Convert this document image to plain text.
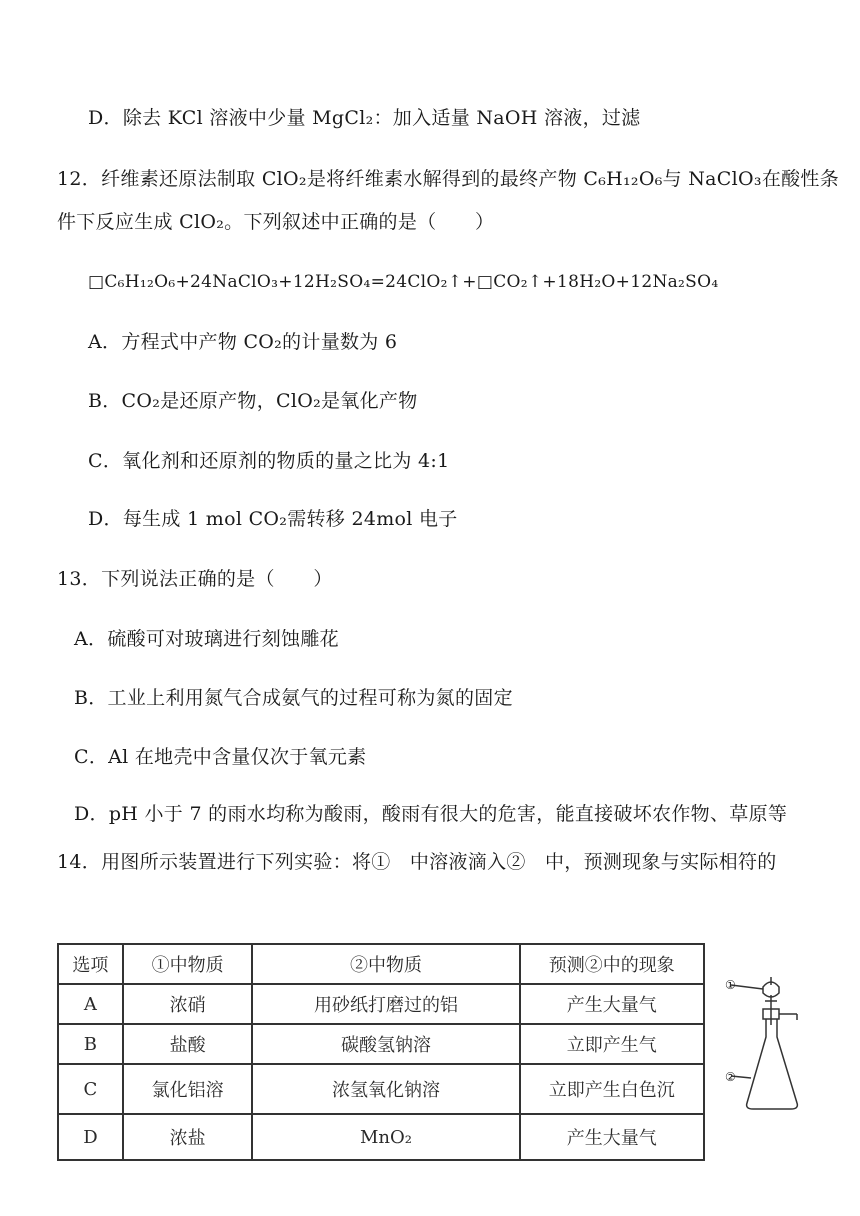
D．除去 KCl 溶液中少量 MgCl₂：加入适量 NaOH 溶液，过滤
12．纤维素还原法制取 ClO₂是将纤维素水解得到的最终产物 C₆H₁₂O₆与 NaClO₃在酸性条
件下反应生成 ClO₂。下列叙述中正确的是（　　）
□C₆H₁₂O₆+24NaClO₃+12H₂SO₄=24ClO₂↑+□CO₂↑+18H₂O+12Na₂SO₄
A．方程式中产物 CO₂的计量数为 6
B．CO₂是还原产物，ClO₂是氧化产物
C．氧化剂和还原剂的物质的量之比为 4:1
D．每生成 1 mol CO₂需转移 24mol 电子
13．下列说法正确的是（　　）
A．硫酸可对玻璃进行刻蚀雕花
B．工业上利用氮气合成氨气的过程可称为氮的固定
C．Al 在地壳中含量仅次于氧元素
D．pH 小于 7 的雨水均称为酸雨，酸雨有很大的危害，能直接破坏农作物、草原等
14．用图所示装置进行下列实验：将①　中溶液滴入②　中，预测现象与实际相符的
选项	①中物质	②中物质	预测②中的现象
A	浓硝	用砂纸打磨过的铝	产生大量气
B	盐酸	碳酸氢钠溶	立即产生气
C	氯化铝溶	浓氢氧化钠溶	立即产生白色沉
D	浓盐	MnO₂	产生大量气
①
②
